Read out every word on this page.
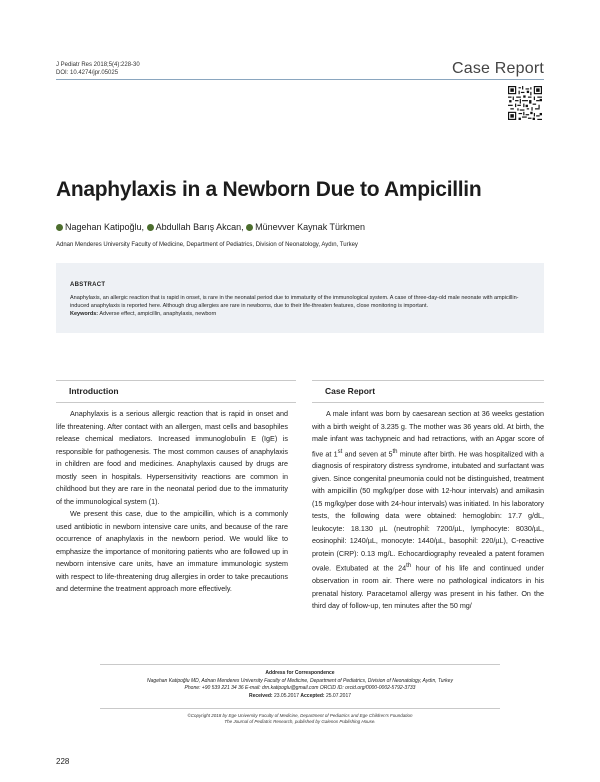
J Pediatr Res 2018;5(4):228-30
DOI: 10.4274/jpr.05025	Case Report
Anaphylaxis in a Newborn Due to Ampicillin
Nagehan Katipoğlu, Abdullah Barış Akcan, Münevver Kaynak Türkmen
Adnan Menderes University Faculty of Medicine, Department of Pediatrics, Division of Neonatology, Aydın, Turkey
ABSTRACT
Anaphylaxis, an allergic reaction that is rapid in onset, is rare in the neonatal period due to immaturity of the immunological system. A case of three-day-old male neonate with ampicillin-induced anaphylaxis is reported here. Although drug allergies are rare in newborns, due to their life-threaten features, close monitoring is important.
Keywords: Adverse effect, ampicillin, anaphylaxis, newborn
Introduction	Case Report

Anaphylaxis is a serious allergic reaction that is rapid in onset and life threatening. After contact with an allergen, mast cells and basophiles release chemical mediators. Increased immunoglobulin E (IgE) is responsible for pathogenesis. The most common causes of anaphylaxis in children are food and medicines. Anaphylaxis caused by drugs are mostly seen in hospitals. Hypersensitivity reactions are common in childhood but they are rare in the neonatal period due to the immaturity of the immunological system (1).

We present this case, due to the ampicillin, which is a commonly used antibiotic in newborn intensive care units, and because of the rare occurrence of anaphylaxis in the newborn period. We would like to emphasize the importance of monitoring patients who are followed up in newborn intensive care units, have an immature immunologic system with respect to life-threatening drug allergies in order to take precautions and determine the treatment approach more effectively.

A male infant was born by caesarean section at 36 weeks gestation with a birth weight of 3.235 g. The mother was 36 years old. At birth, the male infant was tachypneic and had retractions, with an Apgar score of five at 1st and seven at 5th minute after birth. He was hospitalized with a diagnosis of respiratory distress syndrome, intubated and surfactant was given. Since congenital pneumonia could not be distinguished, treatment with ampicillin (50 mg/kg/per dose with 12-hour intervals) and amikasin (15 mg/kg/per dose with 24-hour intervals) was initiated. In his laboratory tests, the following data were obtained: hemoglobin: 17.7 g/dL, leukocyte: 18.130 µL (neutrophil: 7200/µL, lymphocyte: 8030/µL, eosinophil: 1240/µL, monocyte: 1440/µL, basophil: 220/µL), C-reactive protein (CRP): 0.13 mg/L. Echocardiography revealed a patent foramen ovale. Extubated at the 24th hour of his life and continued under observation in room air. There were no pathological indicators in his prenatal history. Paracetamol allergy was present in his father. On the third day of follow-up, ten minutes after the 50 mg/

Address for Correspondence
Nagehan Katipoğlu MD, Adnan Menderes University Faculty of Medicine, Department of Pediatrics, Division of Neonatology, Aydın, Turkey
Phone: +90 539 221 34 36 E-mail: drn.katipoglu@gmail.com ORCID ID: orcid.org/0000-0002-5792-3733
Received: 23.05.2017 Accepted: 25.07.2017
©Copyright 2018 by Ege University Faculty of Medicine, Department of Pediatrics and Ege Children's Foundation
The Journal of Pediatric Research, published by Galenos Publishing House.
228
